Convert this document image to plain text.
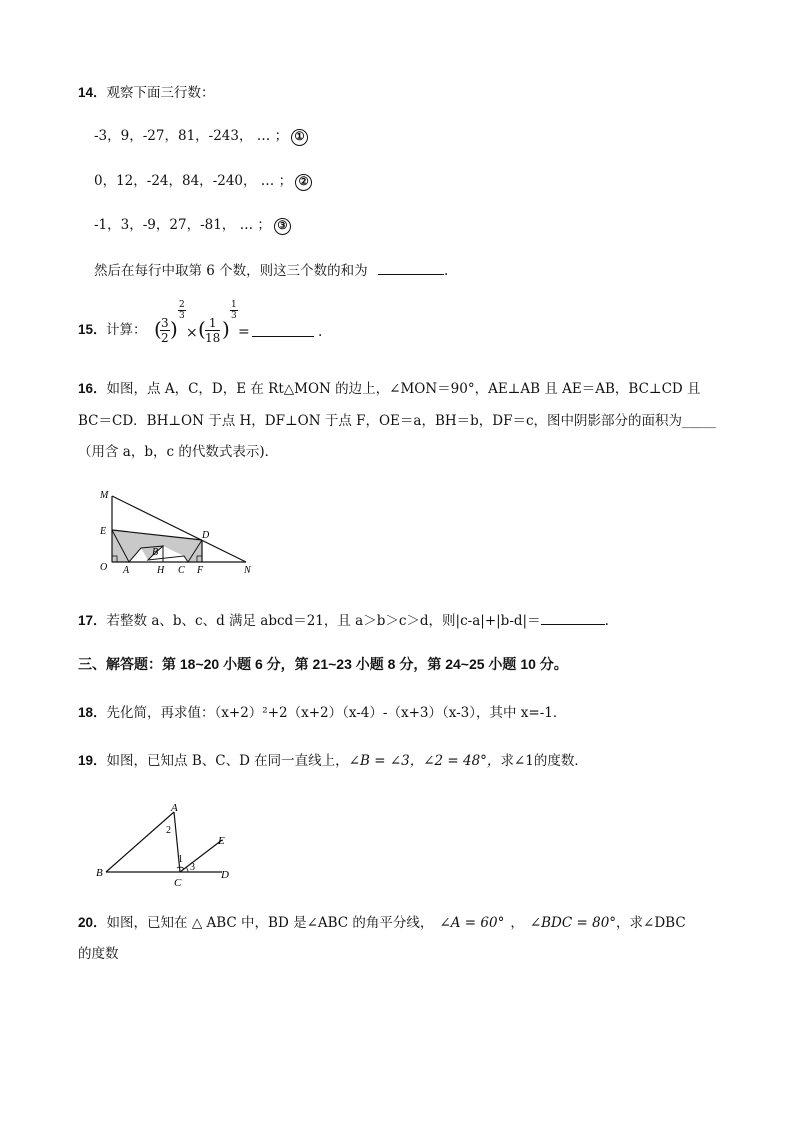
14．观察下面三行数：
-3，9，-27，81，-243， … ； ①
0，12，-24，84，-240， … ； ②
-1，3，-9，27，-81， … ； ③
然后在每行中取第 6 个数，则这三个数的和为	.
15． 计算： (
$\frac{3}{2}$ )
$\frac{2}{3}$
× ( $\frac{1}{18}$ )
$\frac{1}{3}$
=	.
16．如图，点 A，C，D，E 在 Rt△MON 的边上，∠MON＝90°，AE⊥AB 且 AE＝AB，BC⊥CD 且
BC＝CD．BH⊥ON 于点 H，DF⊥ON 于点 F，OE＝a，BH＝b，DF＝c，图中阴影部分的面积为_____
（用含 a，b，c 的代数式表示)．
M
E	D
O A
B
H C F	N
17．若整数 a、b、c、d 满足 abcd＝21，且 a＞b＞c＞d，则|c-a|+|b-d|＝	.
三、解答题：第 18~20 小题 6 分，第 21~23 小题 8 分，第 24~25 小题 10 分。
18．先化简，再求值：（x+2）²+2（x+2）（x-4）-（x+3）（x-3），其中 x=-1．
19．如图，已知点 B、C、D 在同一直线上，∠B = ∠3，∠2 = 48°，求∠1的度数．
A
2
1
3
E
B
C
D
20．如图，已知在 △ ABC 中，BD 是∠ABC 的角平分线， ∠A = 60° ， ∠BDC = 80°，求∠DBC
的度数
